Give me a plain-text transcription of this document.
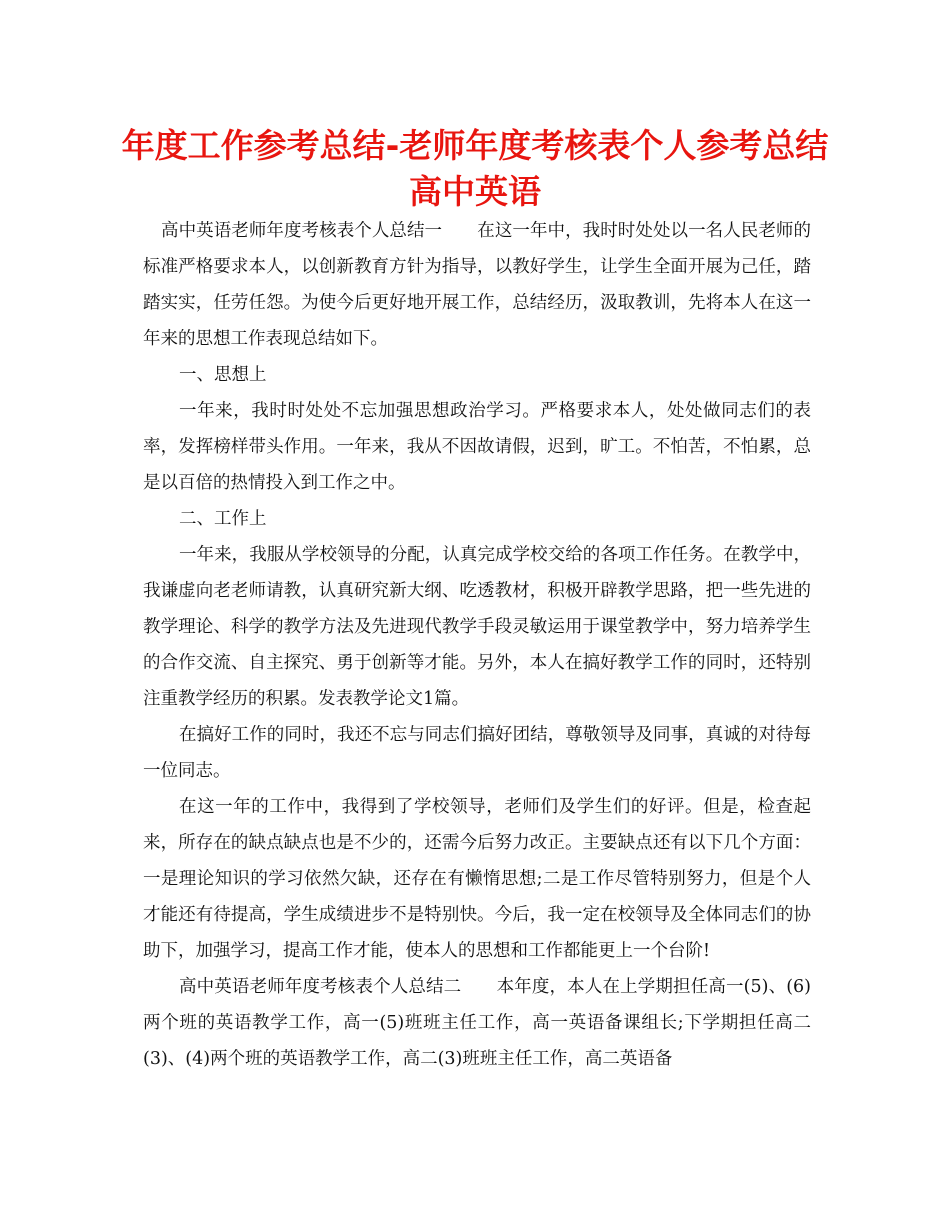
年度工作参考总结-老师年度考核表个人参考总结
高中英语

高中英语老师年度考核表个人总结一　　在这一年中，我时时处处以一名人民老师的标准严格要求本人，以创新教育方针为指导，以教好学生，让学生全面开展为己任，踏踏实实，任劳任怨。为使今后更好地开展工作，总结经历，汲取教训，先将本人在这一年来的思想工作表现总结如下。

一、思想上

一年来，我时时处处不忘加强思想政治学习。严格要求本人，处处做同志们的表率，发挥榜样带头作用。一年来，我从不因故请假，迟到，旷工。不怕苦，不怕累，总是以百倍的热情投入到工作之中。

二、工作上

一年来，我服从学校领导的分配，认真完成学校交给的各项工作任务。在教学中，我谦虚向老老师请教，认真研究新大纲、吃透教材，积极开辟教学思路，把一些先进的教学理论、科学的教学方法及先进现代教学手段灵敏运用于课堂教学中，努力培养学生的合作交流、自主探究、勇于创新等才能。另外，本人在搞好教学工作的同时，还特别注重教学经历的积累。发表教学论文1篇。

在搞好工作的同时，我还不忘与同志们搞好团结，尊敬领导及同事，真诚的对待每一位同志。

在这一年的工作中，我得到了学校领导，老师们及学生们的好评。但是，检查起来，所存在的缺点缺点也是不少的，还需今后努力改正。主要缺点还有以下几个方面：一是理论知识的学习依然欠缺，还存在有懒惰思想;二是工作尽管特别努力，但是个人才能还有待提高，学生成绩进步不是特别快。今后，我一定在校领导及全体同志们的协助下，加强学习，提高工作才能，使本人的思想和工作都能更上一个台阶!

高中英语老师年度考核表个人总结二　　本年度，本人在上学期担任高一(5)、(6)两个班的英语教学工作，高一(5)班班主任工作，高一英语备课组长;下学期担任高二(3)、(4)两个班的英语教学工作，高二(3)班班主任工作，高二英语备
